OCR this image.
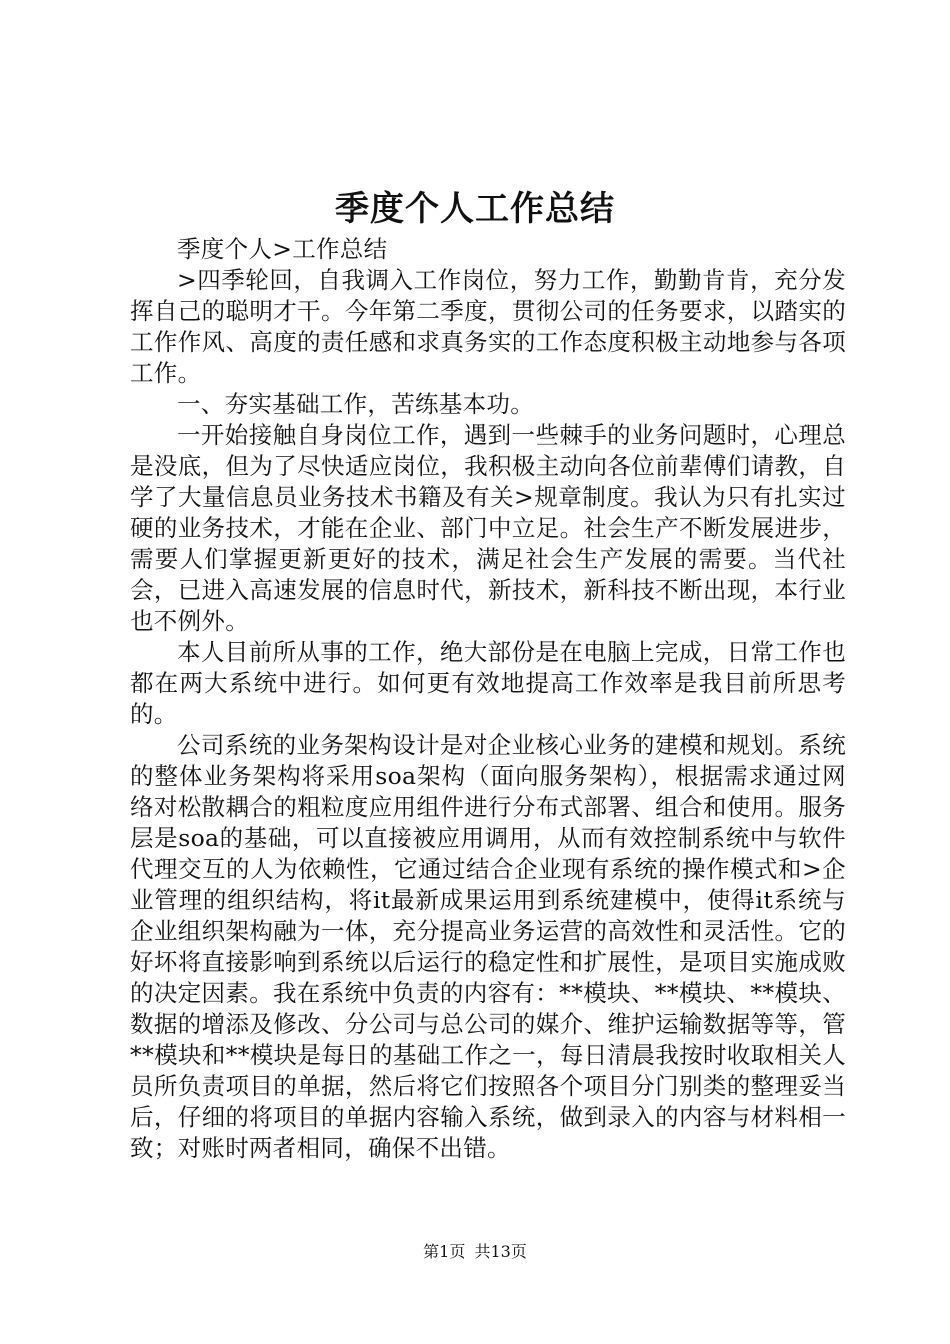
季度个人工作总结

季度个人>工作总结

>四季轮回，自我调入工作岗位，努力工作，勤勤肯肯，充分发挥自己的聪明才干。今年第二季度，贯彻公司的任务要求，以踏实的工作作风、高度的责任感和求真务实的工作态度积极主动地参与各项工作。

一、夯实基础工作，苦练基本功。

一开始接触自身岗位工作，遇到一些棘手的业务问题时，心理总是没底，但为了尽快适应岗位，我积极主动向各位前辈傅们请教，自学了大量信息员业务技术书籍及有关>规章制度。我认为只有扎实过硬的业务技术，才能在企业、部门中立足。社会生产不断发展进步，需要人们掌握更新更好的技术，满足社会生产发展的需要。当代社会，已进入高速发展的信息时代，新技术，新科技不断出现，本行业也不例外。

本人目前所从事的工作，绝大部份是在电脑上完成，日常工作也都在两大系统中进行。如何更有效地提高工作效率是我目前所思考的。

公司系统的业务架构设计是对企业核心业务的建模和规划。系统的整体业务架构将采用soa架构（面向服务架构），根据需求通过网络对松散耦合的粗粒度应用组件进行分布式部署、组合和使用。服务层是soa的基础，可以直接被应用调用，从而有效控制系统中与软件代理交互的人为依赖性，它通过结合企业现有系统的操作模式和>企业管理的组织结构，将it最新成果运用到系统建模中，使得it系统与企业组织架构融为一体，充分提高业务运营的高效性和灵活性。它的好坏将直接影响到系统以后运行的稳定性和扩展性，是项目实施成败的决定因素。我在系统中负责的内容有：**模块、**模块、**模块、数据的增添及修改、分公司与总公司的媒介、维护运输数据等等，管**模块和**模块是每日的基础工作之一，每日清晨我按时收取相关人员所负责项目的单据，然后将它们按照各个项目分门别类的整理妥当后，仔细的将项目的单据内容输入系统，做到录入的内容与材料相一致；对账时两者相同，确保不出错。

第1页 共13页
